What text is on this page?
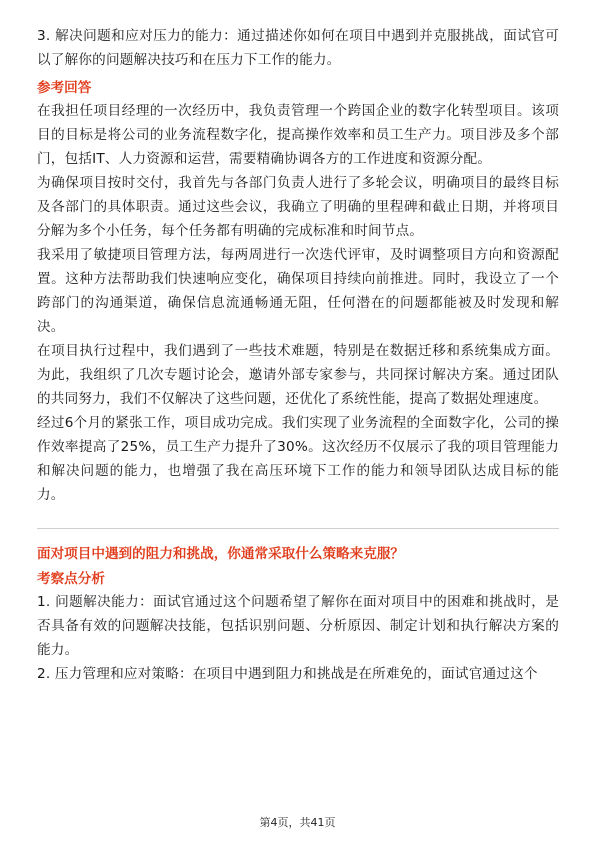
3. 解决问题和应对压力的能力：通过描述你如何在项目中遇到并克服挑战，面试官可以了解你的问题解决技巧和在压力下工作的能力。

参考回答

在我担任项目经理的一次经历中，我负责管理一个跨国企业的数字化转型项目。该项目的目标是将公司的业务流程数字化，提高操作效率和员工生产力。项目涉及多个部门，包括IT、人力资源和运营，需要精确协调各方的工作进度和资源分配。

为确保项目按时交付，我首先与各部门负责人进行了多轮会议，明确项目的最终目标及各部门的具体职责。通过这些会议，我确立了明确的里程碑和截止日期，并将项目分解为多个小任务，每个任务都有明确的完成标准和时间节点。

我采用了敏捷项目管理方法，每两周进行一次迭代评审，及时调整项目方向和资源配置。这种方法帮助我们快速响应变化，确保项目持续向前推进。同时，我设立了一个跨部门的沟通渠道，确保信息流通畅通无阻，任何潜在的问题都能被及时发现和解决。

在项目执行过程中，我们遇到了一些技术难题，特别是在数据迁移和系统集成方面。为此，我组织了几次专题讨论会，邀请外部专家参与，共同探讨解决方案。通过团队的共同努力，我们不仅解决了这些问题，还优化了系统性能，提高了数据处理速度。

经过6个月的紧张工作，项目成功完成。我们实现了业务流程的全面数字化，公司的操作效率提高了25%，员工生产力提升了30%。这次经历不仅展示了我的项目管理能力和解决问题的能力，也增强了我在高压环境下工作的能力和领导团队达成目标的能力。

面对项目中遇到的阻力和挑战，你通常采取什么策略来克服？

考察点分析

1. 问题解决能力：面试官通过这个问题希望了解你在面对项目中的困难和挑战时，是否具备有效的问题解决技能，包括识别问题、分析原因、制定计划和执行解决方案的能力。

2. 压力管理和应对策略：在项目中遇到阻力和挑战是在所难免的，面试官通过这个

第4页，共41页
